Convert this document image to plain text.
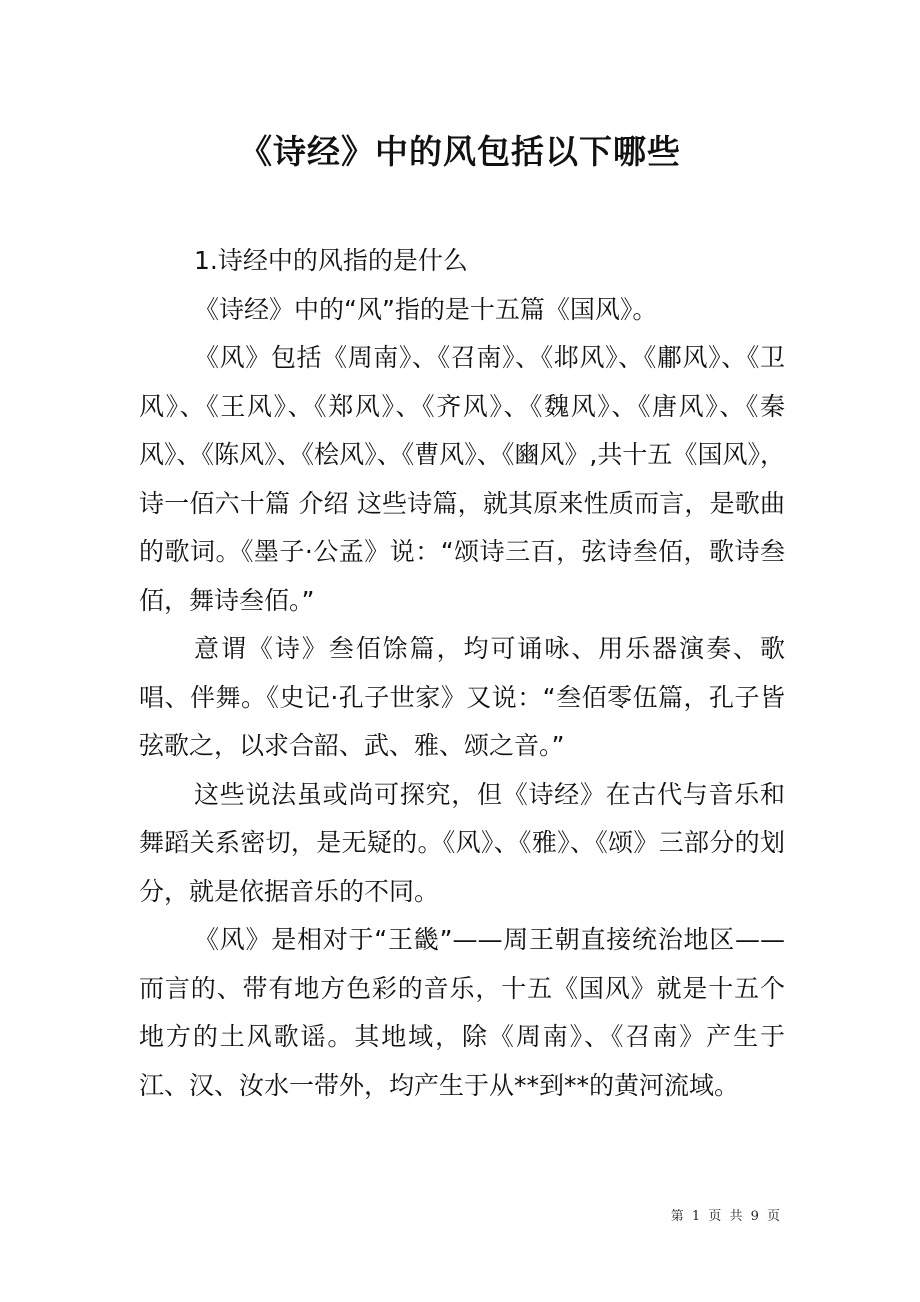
《诗经》中的风包括以下哪些

1.诗经中的风指的是什么

《诗经》中的“风”指的是十五篇《国风》。

《风》包括《周南》、《召南》、《邶风》、《鄘风》、《卫风》、《王风》、《郑风》、《齐风》、《魏风》、《唐风》、《秦风》、《陈风》、《桧风》、《曹风》、《豳风》,共十五《国风》，诗一佰六十篇 介绍 这些诗篇，就其原来性质而言，是歌曲的歌词。《墨子·公孟》说：“颂诗三百，弦诗叁佰，歌诗叁佰，舞诗叁佰。”

意谓《诗》叁佰馀篇，均可诵咏、用乐器演奏、歌唱、伴舞。《史记·孔子世家》又说：“叁佰零伍篇，孔子皆弦歌之，以求合韶、武、雅、颂之音。”

这些说法虽或尚可探究，但《诗经》在古代与音乐和舞蹈关系密切，是无疑的。《风》、《雅》、《颂》三部分的划分，就是依据音乐的不同。

《风》是相对于“王畿”——周王朝直接统治地区——而言的、带有地方色彩的音乐，十五《国风》就是十五个地方的土风歌谣。其地域，除《周南》、《召南》产生于江、汉、汝水一带外，均产生于从**到**的黄河流域。

第 1 页 共 9 页
